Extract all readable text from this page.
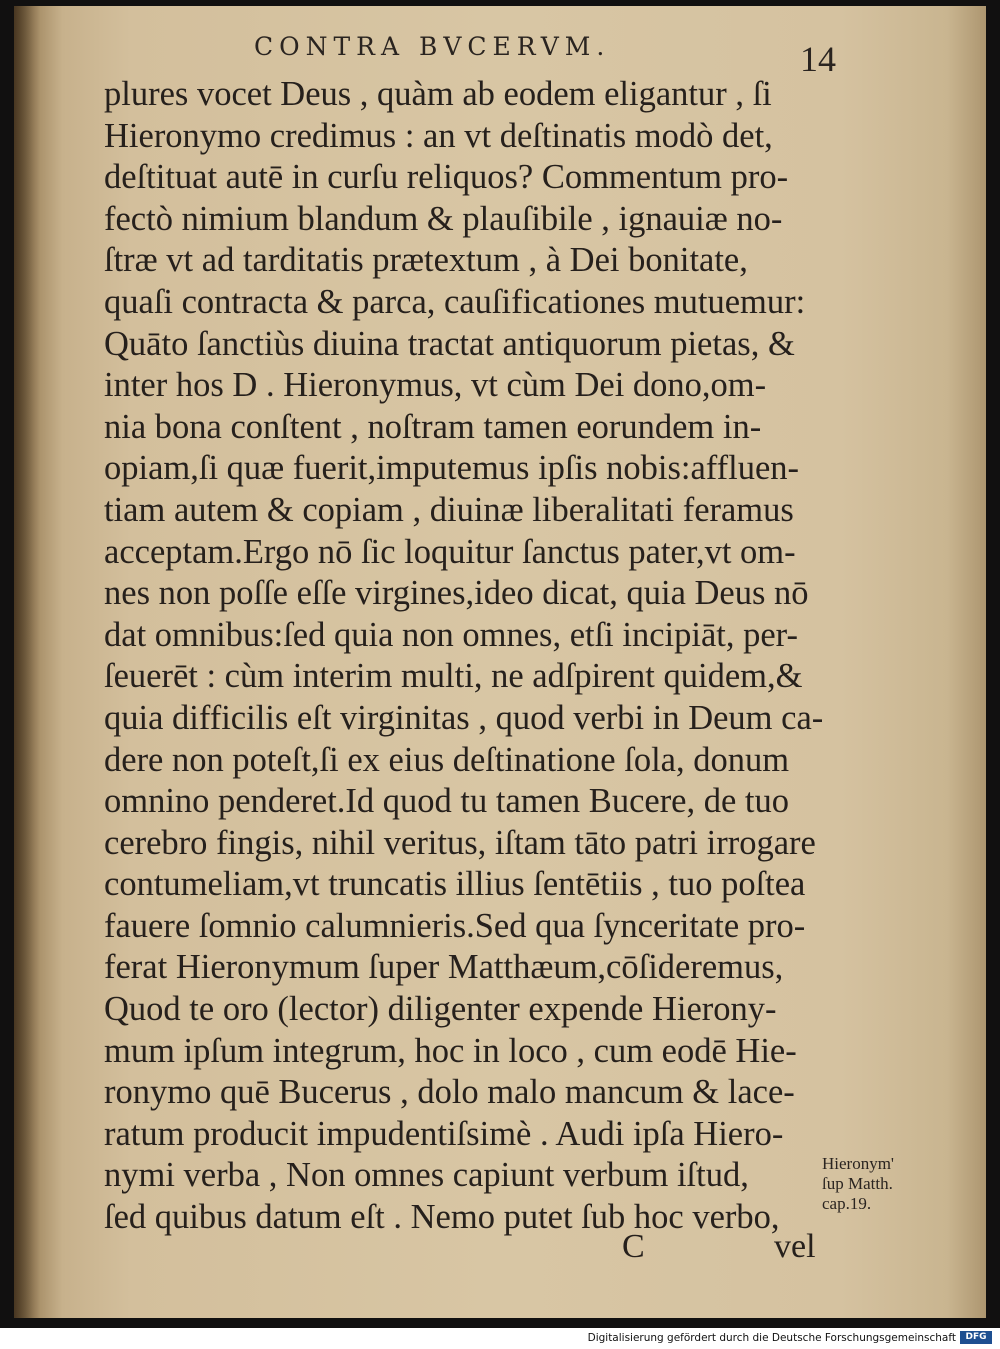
CONTRA BVCERVM.	14
plures vocet Deus , quàm ab eodem eligantur , ſi
Hieronymo credimus : an vt deſtinatis modò det,
deſtituat autē in curſu reliquos? Commentum pro-
fectò nimium blandum & plauſibile , ignauiæ no-
ſtræ vt ad tarditatis prætextum , à Dei bonitate,
quaſi contracta & parca, cauſificationes mutuemur:
Quāto ſanctiùs diuina tractat antiquorum pietas, &
inter hos D . Hieronymus, vt cùm Dei dono,om-
nia bona conſtent , noſtram tamen eorundem in-
opiam,ſi quæ fuerit,imputemus ipſis nobis:affluen-
tiam autem & copiam , diuinæ liberalitati feramus
acceptam.Ergo nō ſic loquitur ſanctus pater,vt om-
nes non poſſe eſſe virgines,ideo dicat, quia Deus nō
dat omnibus:ſed quia non omnes, etſi incipiāt, per-
ſeuerēt : cùm interim multi, ne adſpirent quidem,&
quia difficilis eſt virginitas , quod verbi in Deum ca-
dere non poteſt,ſi ex eius deſtinatione ſola, donum
omnino penderet.Id quod tu tamen Bucere, de tuo
cerebro fingis, nihil veritus, iſtam tāto patri irrogare
contumeliam,vt truncatis illius ſentētiis , tuo poſtea
fauere ſomnio calumnieris.Sed qua ſynceritate pro-
ferat Hieronymum ſuper Matthæum,cōſideremus,
Quod te oro (lector) diligenter expende Hierony-
mum ipſum integrum, hoc in loco , cum eodē Hie-
ronymo quē Bucerus , dolo malo mancum & lace-
ratum producit impudentiſsimè . Audi ipſa Hiero-
nymi verba , Non omnes capiunt verbum iſtud,
ſed quibus datum eſt . Nemo putet ſub hoc verbo,
Hieronym'
ſup Matth.
cap.19.
C	vel
Digitalisierung gefördert durch die Deutsche Forschungsgemeinschaft	DFG
